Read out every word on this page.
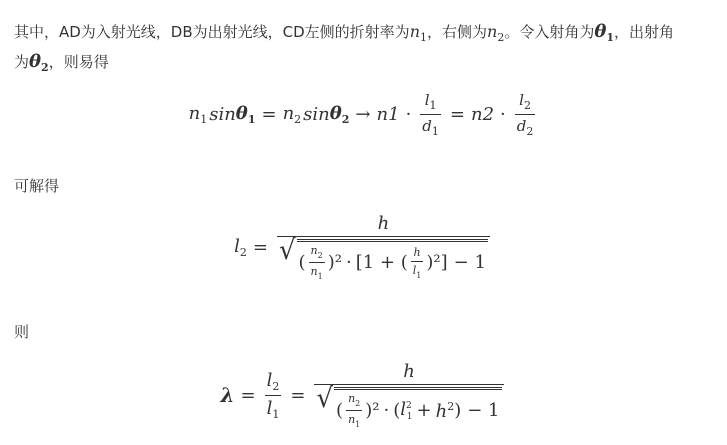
其中，AD为入射光线，DB为出射光线，CD左侧的折射率为$n_1$，右侧为$n_2$。令入射角为$\theta_1$，出射角
为$\theta_2$，则易得
$n_1$ $\sin \theta_1 = n_2$ $\sin \theta_2 \to n1 \cdot \frac{l_1}{d_1} = n2 \cdot \frac{l_2}{d_2}$
可解得
$l_2$ =
h
√ ( $\frac{n_2}{n_1} )^2 \cdot [1$ + ( $\frac{h}{l_1} )^2] - 1$
则
$\lambda = \frac{l_2}{l_1}$ =
h
√ ( $\frac{n_2}{n_1} )^2$ · ( $l^2_1 + h^2$ ) − 1
